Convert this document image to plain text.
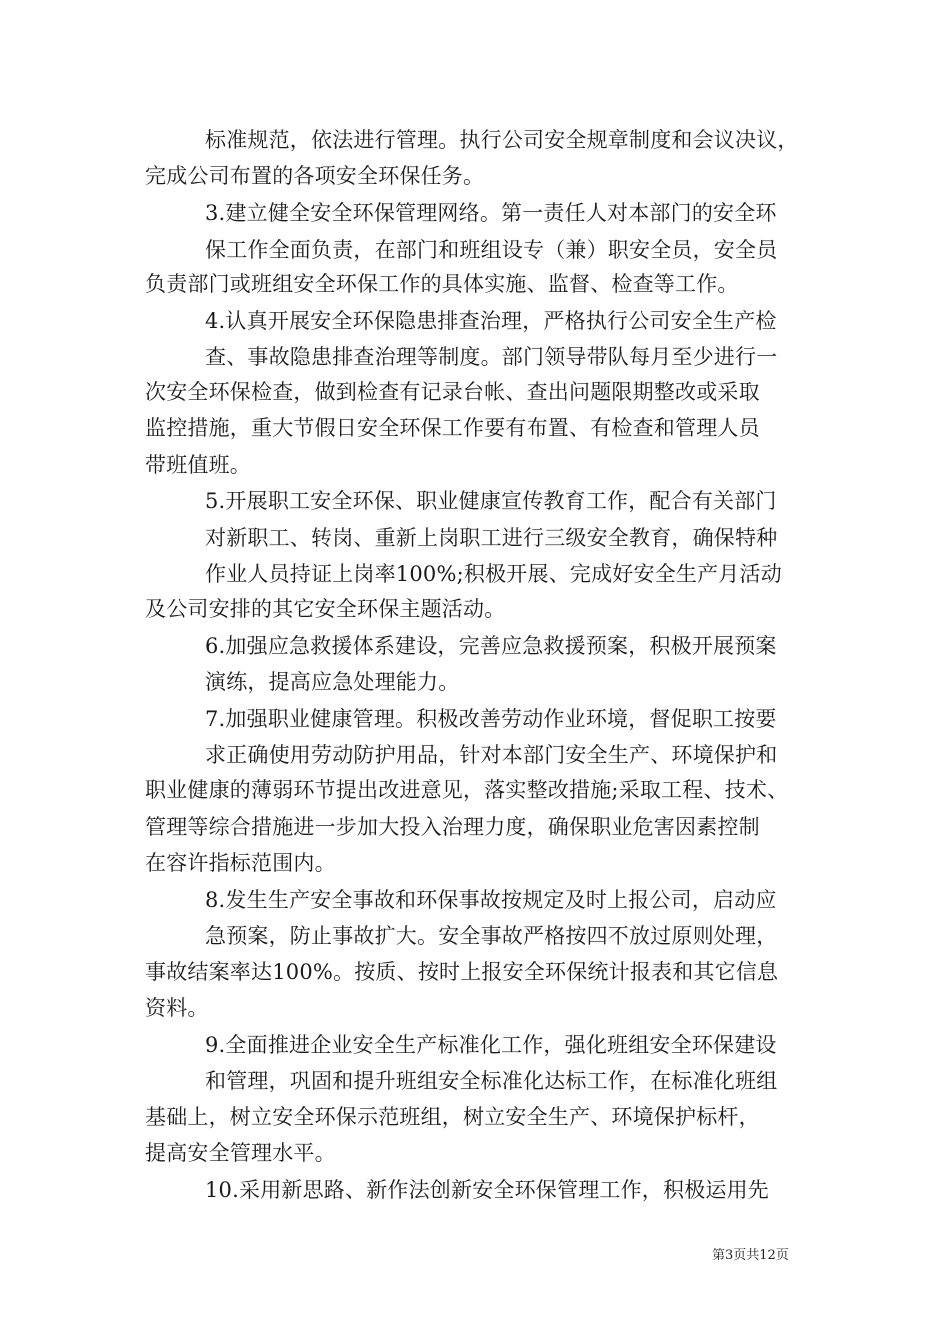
标准规范，依法进行管理。执行公司安全规章制度和会议决议，
完成公司布置的各项安全环保任务。
3.建立健全安全环保管理网络。第一责任人对本部门的安全环
保工作全面负责，在部门和班组设专（兼）职安全员，安全员
负责部门或班组安全环保工作的具体实施、监督、检查等工作。
4.认真开展安全环保隐患排查治理，严格执行公司安全生产检
查、事故隐患排查治理等制度。部门领导带队每月至少进行一
次安全环保检查，做到检查有记录台帐、查出问题限期整改或采取
监控措施，重大节假日安全环保工作要有布置、有检查和管理人员
带班值班。
5.开展职工安全环保、职业健康宣传教育工作，配合有关部门
对新职工、转岗、重新上岗职工进行三级安全教育，确保特种
作业人员持证上岗率100%;积极开展、完成好安全生产月活动
及公司安排的其它安全环保主题活动。
6.加强应急救援体系建设，完善应急救援预案，积极开展预案
演练，提高应急处理能力。
7.加强职业健康管理。积极改善劳动作业环境，督促职工按要
求正确使用劳动防护用品，针对本部门安全生产、环境保护和
职业健康的薄弱环节提出改进意见，落实整改措施;采取工程、技术、
管理等综合措施进一步加大投入治理力度，确保职业危害因素控制
在容许指标范围内。
8.发生生产安全事故和环保事故按规定及时上报公司，启动应
急预案，防止事故扩大。安全事故严格按四不放过原则处理，
事故结案率达100%。按质、按时上报安全环保统计报表和其它信息
资料。
9.全面推进企业安全生产标准化工作，强化班组安全环保建设
和管理，巩固和提升班组安全标准化达标工作，在标准化班组
基础上，树立安全环保示范班组，树立安全生产、环境保护标杆，
提高安全管理水平。
10.采用新思路、新作法创新安全环保管理工作，积极运用先
第3页共12页
